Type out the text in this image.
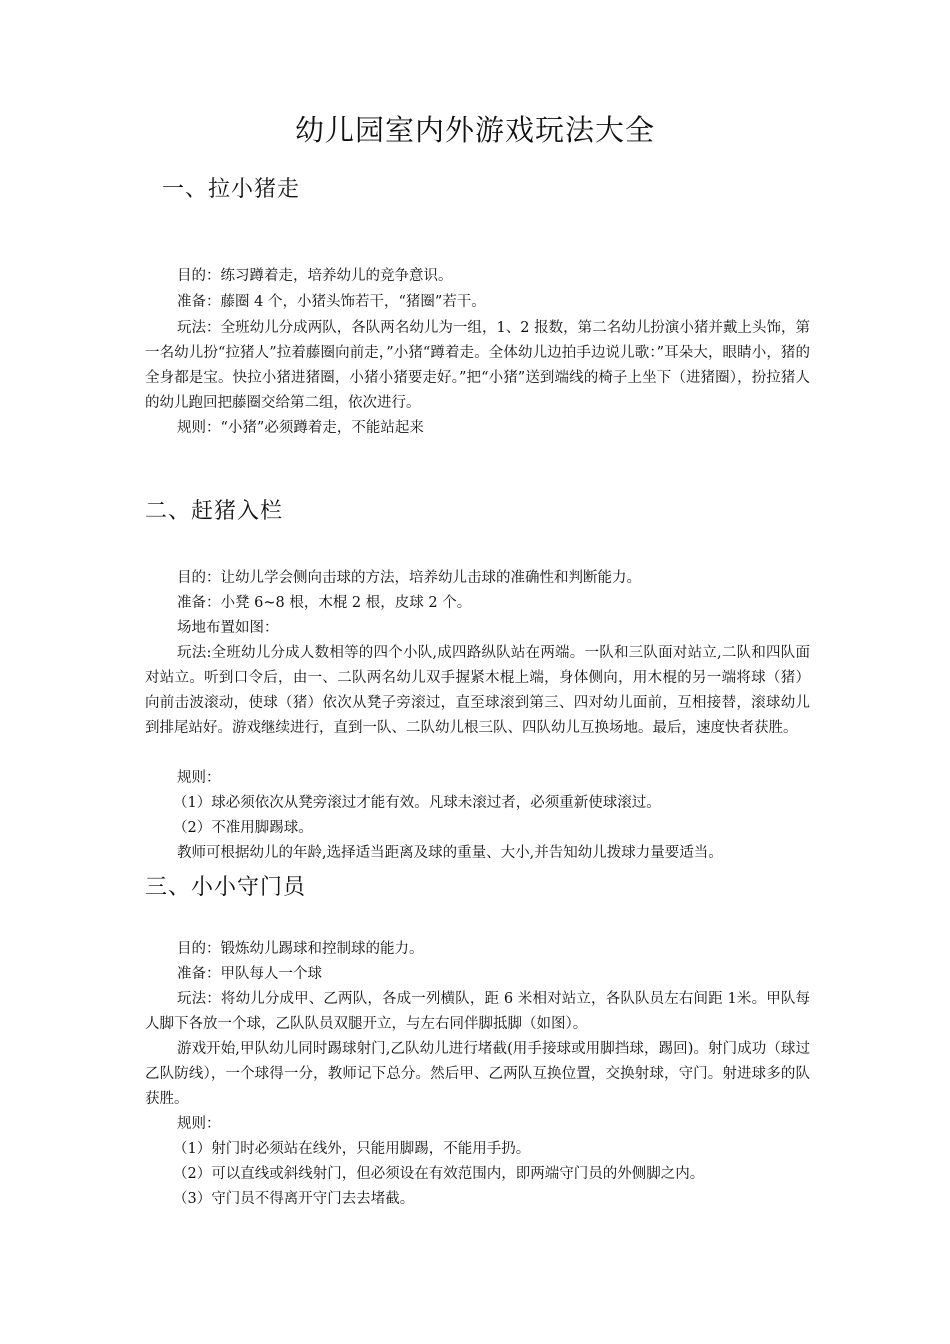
幼儿园室内外游戏玩法大全
一、拉小猪走

目的：练习蹲着走，培养幼儿的竞争意识。

准备：藤圈 4 个，小猪头饰若干，“猪圈”若干。

玩法：全班幼儿分成两队，各队两名幼儿为一组，1、2 报数，第二名幼儿扮演小猪并戴上头饰，第一名幼儿扮“拉猪人”拉着藤圈向前走，”小猪“蹲着走。全体幼儿边拍手边说儿歌：”耳朵大，眼睛小，猪的全身都是宝。快拉小猪进猪圈，小猪小猪要走好。”把“小猪”送到端线的椅子上坐下（进猪圈），扮拉猪人的幼儿跑回把藤圈交给第二组，依次进行。

规则：“小猪”必须蹲着走，不能站起来

二、赶猪入栏

目的：让幼儿学会侧向击球的方法，培养幼儿击球的准确性和判断能力。

准备：小凳 6~8 根，木棍 2 根，皮球 2 个。

场地布置如图：

玩法:全班幼儿分成人数相等的四个小队,成四路纵队站在两端。一队和三队面对站立,二队和四队面对站立。听到口令后，由一、二队两名幼儿双手握紧木棍上端，身体侧向，用木棍的另一端将球（猪）向前击波滚动，使球（猪）依次从凳子旁滚过，直至球滚到第三、四对幼儿面前，互相接替，滚球幼儿到排尾站好。游戏继续进行，直到一队、二队幼儿根三队、四队幼儿互换场地。最后，速度快者获胜。

规则：

（1）球必须依次从凳旁滚过才能有效。凡球未滚过者，必须重新使球滚过。

（2）不准用脚踢球。

教师可根据幼儿的年龄,选择适当距离及球的重量、大小,并告知幼儿拨球力量要适当。

三、小小守门员

目的：锻炼幼儿踢球和控制球的能力。

准备：甲队每人一个球

玩法：将幼儿分成甲、乙两队，各成一列横队，距 6 米相对站立，各队队员左右间距 1米。甲队每人脚下各放一个球，乙队队员双腿开立，与左右同伴脚抵脚（如图）。

游戏开始,甲队幼儿同时踢球射门,乙队幼儿进行堵截(用手接球或用脚挡球，踢回)。射门成功（球过乙队防线），一个球得一分，教师记下总分。然后甲、乙两队互换位置，交换射球，守门。射进球多的队获胜。

规则：

（1）射门时必须站在线外，只能用脚踢，不能用手扔。

（2）可以直线或斜线射门，但必须设在有效范围内，即两端守门员的外侧脚之内。

（3）守门员不得离开守门去去堵截。
